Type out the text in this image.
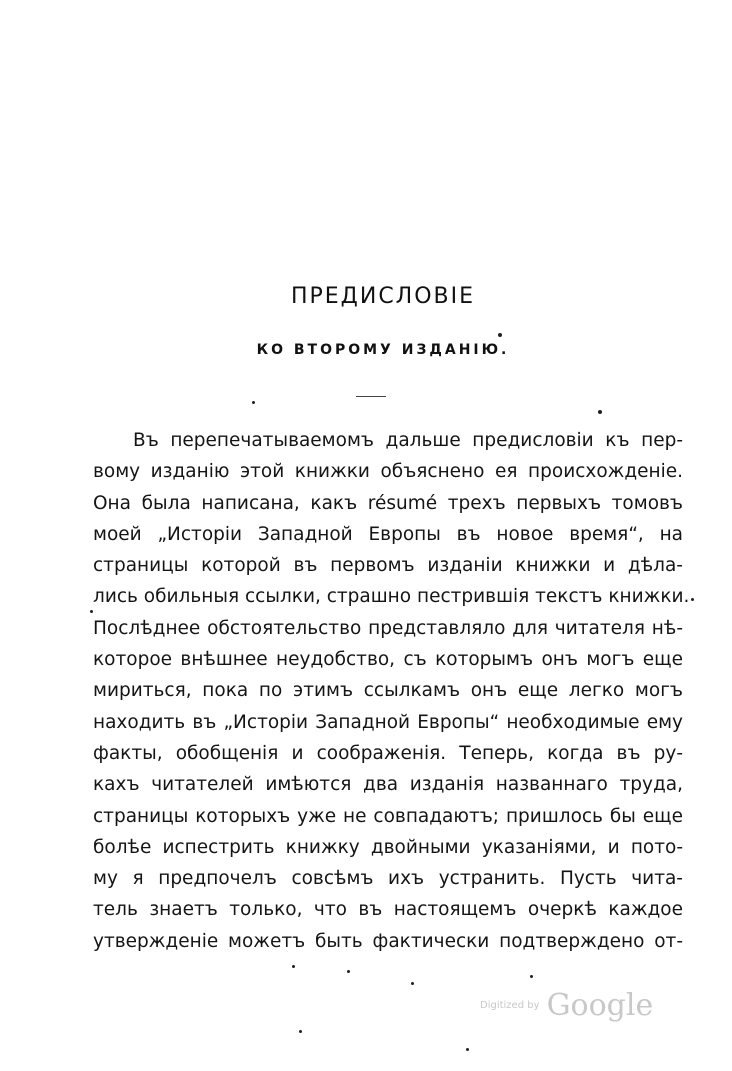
ПРЕДИСЛОВІЕ
КО ВТОРОМУ ИЗДАНІЮ.
Въ перепечатываемомъ дальше предисловіи къ пер-
вому изданію этой книжки объяснено ея происхожденіе.
Она была написана, какъ résumé трехъ первыхъ томовъ
моей „Исторіи Западной Европы въ новое время“, на
страницы которой въ первомъ изданіи книжки и дѣла-
лись обильныя ссылки, страшно пестрившія текстъ книжки.
Послѣднее обстоятельство представляло для читателя нѣ-
которое внѣшнее неудобство, съ которымъ онъ могъ еще
мириться, пока по этимъ ссылкамъ онъ еще легко могъ
находить въ „Исторіи Западной Европы“ необходимые ему
факты, обобщенія и соображенія. Теперь, когда въ ру-
кахъ читателей имѣются два изданія названнаго труда,
страницы которыхъ уже не совпадаютъ; пришлось бы еще
болѣе испестрить книжку двойными указаніями, и пото-
му я предпочелъ совсѣмъ ихъ устранить. Пусть чита-
тель знаетъ только, что въ настоящемъ очеркѣ каждое
утвержденіе можетъ быть фактически подтверждено от-
Digitized by Google
